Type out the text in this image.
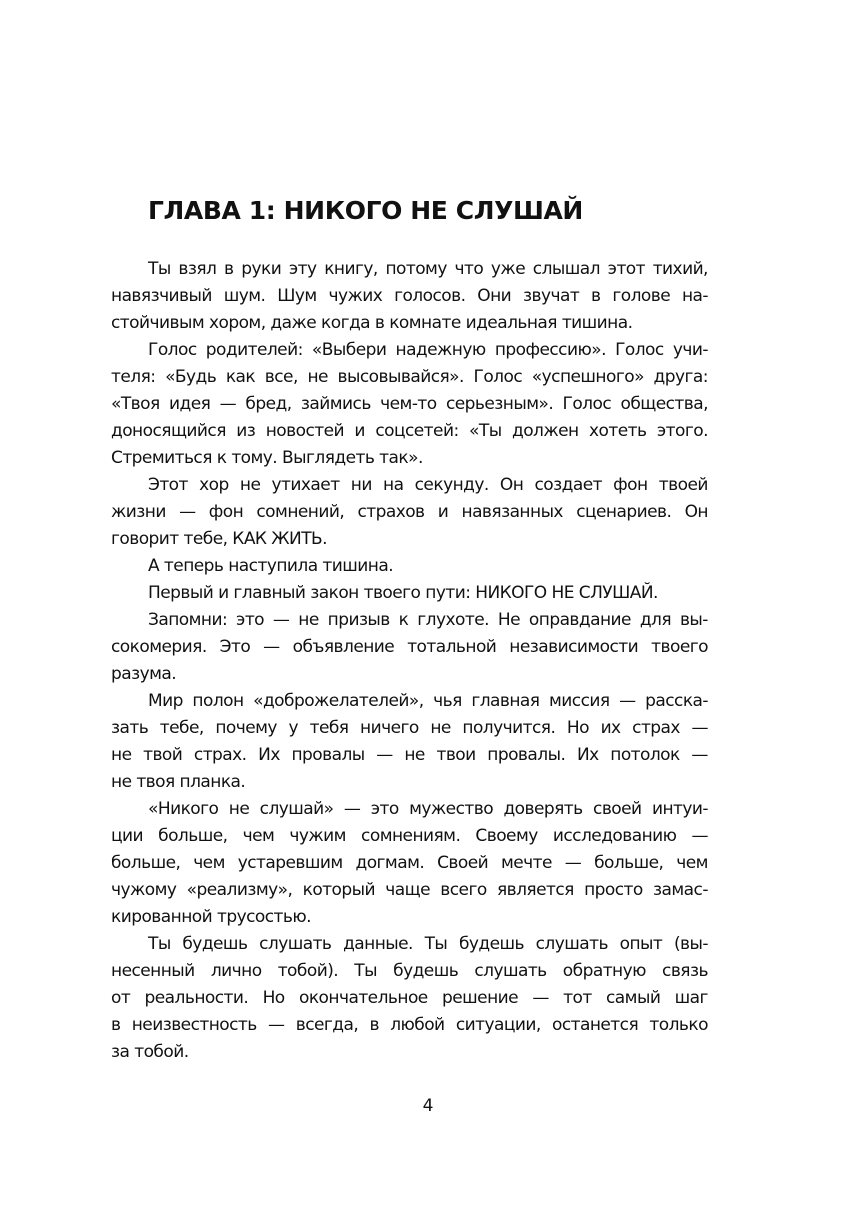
ГЛАВА 1: НИКОГО НЕ СЛУШАЙ
Ты взял в руки эту книгу, потому что уже слышал этот тихий,
навязчивый шум. Шум чужих голосов. Они звучат в голове на-
стойчивым хором, даже когда в комнате идеальная тишина.
Голос родителей: «Выбери надежную профессию». Голос учи-
теля: «Будь как все, не высовывайся». Голос «успешного» друга:
«Твоя идея — бред, займись чем-то серьезным». Голос общества,
доносящийся из новостей и соцсетей: «Ты должен хотеть этого.
Стремиться к тому. Выглядеть так».
Этот хор не утихает ни на секунду. Он создает фон твоей
жизни — фон сомнений, страхов и навязанных сценариев. Он
говорит тебе, КАК ЖИТЬ.
А теперь наступила тишина.
Первый и главный закон твоего пути: НИКОГО НЕ СЛУШАЙ.
Запомни: это — не призыв к глухоте. Не оправдание для вы-
сокомерия. Это — объявление тотальной независимости твоего
разума.
Мир полон «доброжелателей», чья главная миссия — расска-
зать тебе, почему у тебя ничего не получится. Но их страх —
не твой страх. Их провалы — не твои провалы. Их потолок —
не твоя планка.
«Никого не слушай» — это мужество доверять своей интуи-
ции больше, чем чужим сомнениям. Своему исследованию —
больше, чем устаревшим догмам. Своей мечте — больше, чем
чужому «реализму», который чаще всего является просто замас-
кированной трусостью.
Ты будешь слушать данные. Ты будешь слушать опыт (вы-
несенный лично тобой). Ты будешь слушать обратную связь
от реальности. Но окончательное решение — тот самый шаг
в неизвестность — всегда, в любой ситуации, останется только
за тобой.
4
